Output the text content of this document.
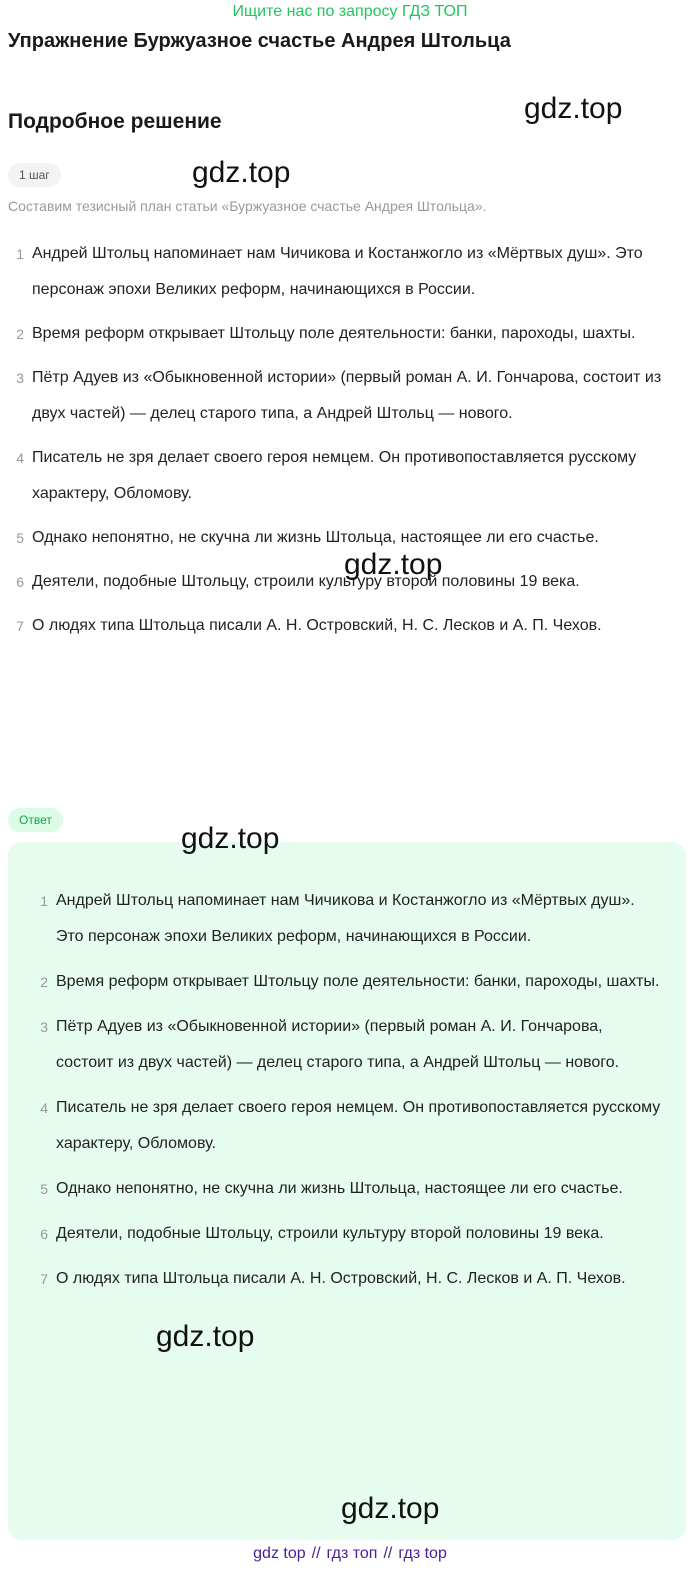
Ищите нас по запросу ГДЗ ТОП
Упражнение Буржуазное счастье Андрея Штольца
Подробное решение
1 шаг
Составим тезисный план статьи «Буржуазное счастье Андрея Штольца».
1 Андрей Штольц напоминает нам Чичикова и Костанжогло из «Мёртвых душ». Это персонаж эпохи Великих реформ, начинающихся в России.
2 Время реформ открывает Штольцу поле деятельности: банки, пароходы, шахты.
3 Пётр Адуев из «Обыкновенной истории» (первый роман А. И. Гончарова, состоит из двух частей) — делец старого типа, а Андрей Штольц — нового.
4 Писатель не зря делает своего героя немцем. Он противопоставляется русскому характеру, Обломову.
5 Однако непонятно, не скучна ли жизнь Штольца, настоящее ли его счастье.
6 Деятели, подобные Штольцу, строили культуру второй половины 19 века.
7 О людях типа Штольца писали А. Н. Островский, Н. С. Лесков и А. П. Чехов.
Ответ
1 Андрей Штольц напоминает нам Чичикова и Костанжогло из «Мёртвых душ». Это персонаж эпохи Великих реформ, начинающихся в России.
2 Время реформ открывает Штольцу поле деятельности: банки, пароходы, шахты.
3 Пётр Адуев из «Обыкновенной истории» (первый роман А. И. Гончарова, состоит из двух частей) — делец старого типа, а Андрей Штольц — нового.
4 Писатель не зря делает своего героя немцем. Он противопоставляется русскому характеру, Обломову.
5 Однако непонятно, не скучна ли жизнь Штольца, настоящее ли его счастье.
6 Деятели, подобные Штольцу, строили культуру второй половины 19 века.
7 О людях типа Штольца писали А. Н. Островский, Н. С. Лесков и А. П. Чехов.
gdz.top
gdz.top
gdz.top
gdz.top
gdz.top
gdz.top
gdz top // гдз топ // гдз top
